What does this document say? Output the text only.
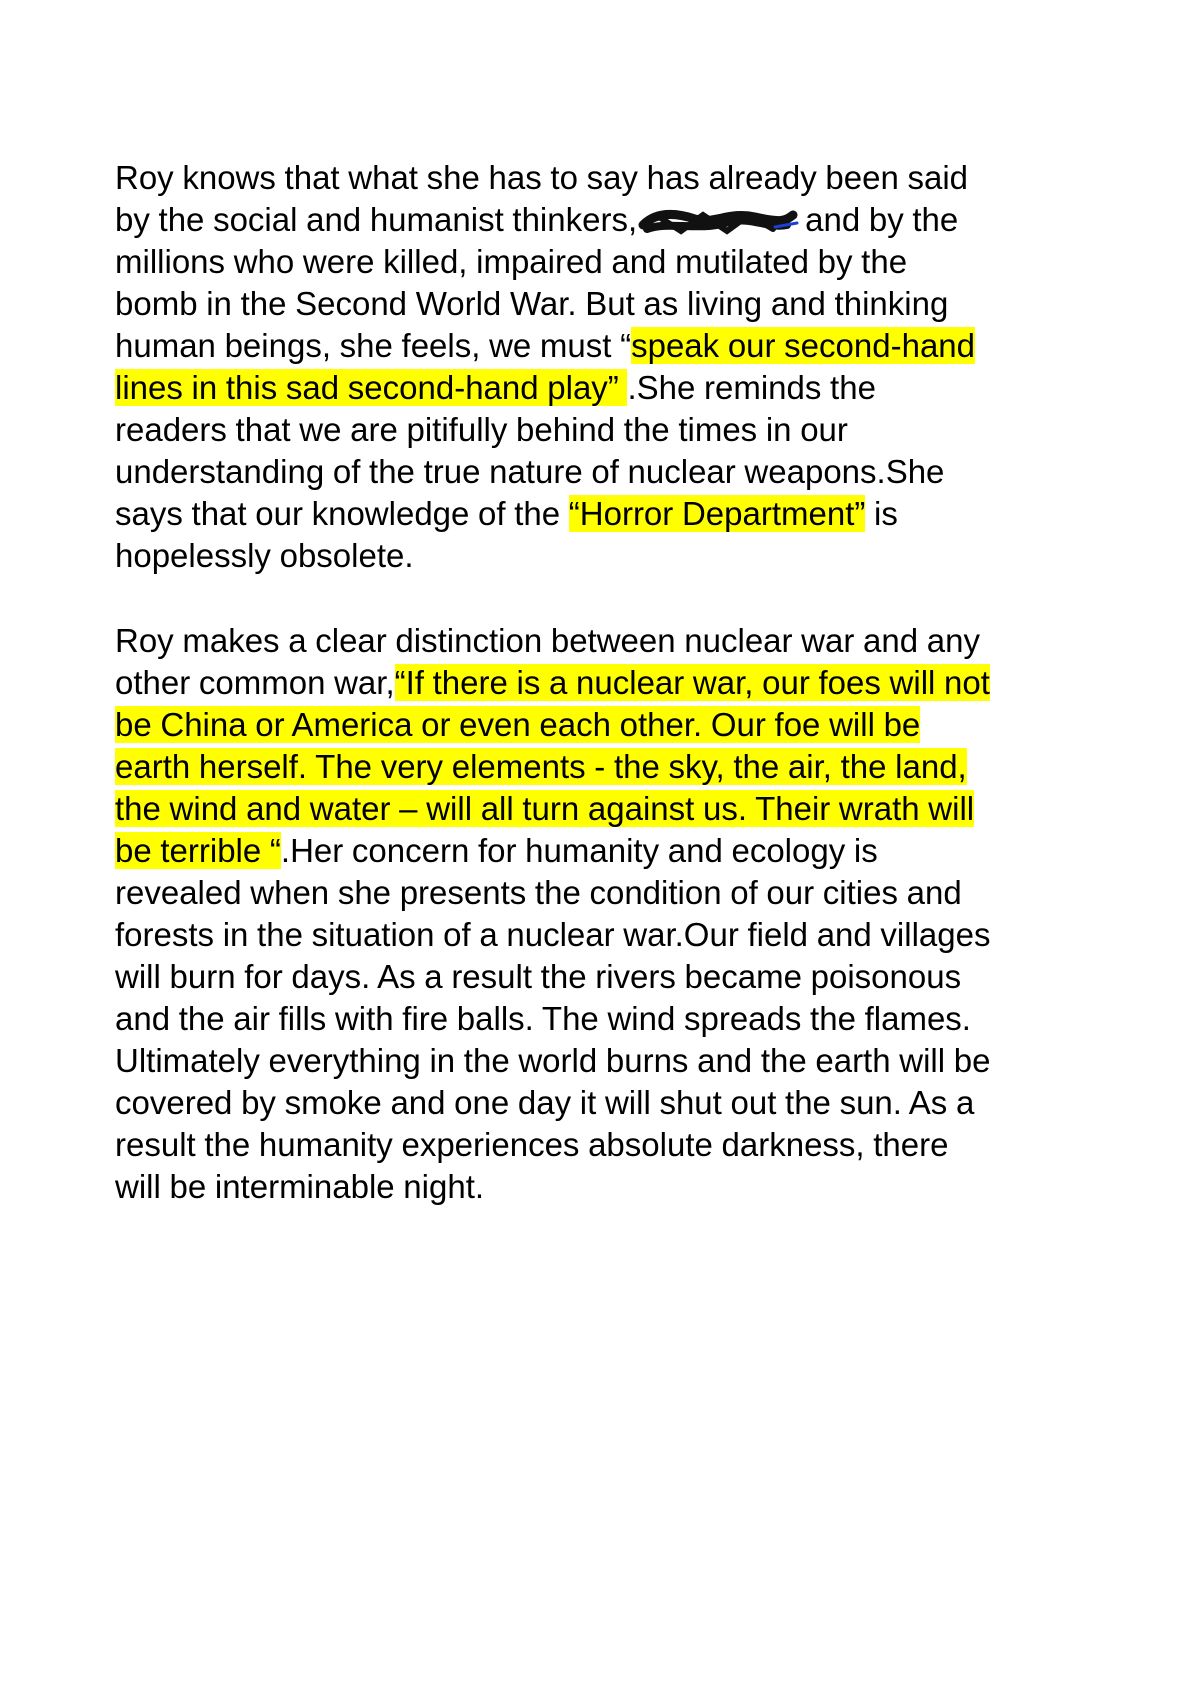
Roy knows that what she has to say has already been said
by the social and humanist thinkers,	and by the
millions who were killed, impaired and mutilated by the
bomb in the Second World War. But as living and thinking
human beings, she feels, we must “speak our second-hand
lines in this sad second-hand play” .She reminds the
readers that we are pitifully behind the times in our
understanding of the true nature of nuclear weapons.She
says that our knowledge of the “Horror Department” is
hopelessly obsolete.
Roy makes a clear distinction between nuclear war and any
other common war,“If there is a nuclear war, our foes will not
be China or America or even each other. Our foe will be
earth herself. The very elements - the sky, the air, the land,
the wind and water – will all turn against us. Their wrath will
be terrible “.Her concern for humanity and ecology is
revealed when she presents the condition of our cities and
forests in the situation of a nuclear war.Our field and villages
will burn for days. As a result the rivers became poisonous
and the air fills with fire balls. The wind spreads the flames.
Ultimately everything in the world burns and the earth will be
covered by smoke and one day it will shut out the sun. As a
result the humanity experiences absolute darkness, there
will be interminable night.
